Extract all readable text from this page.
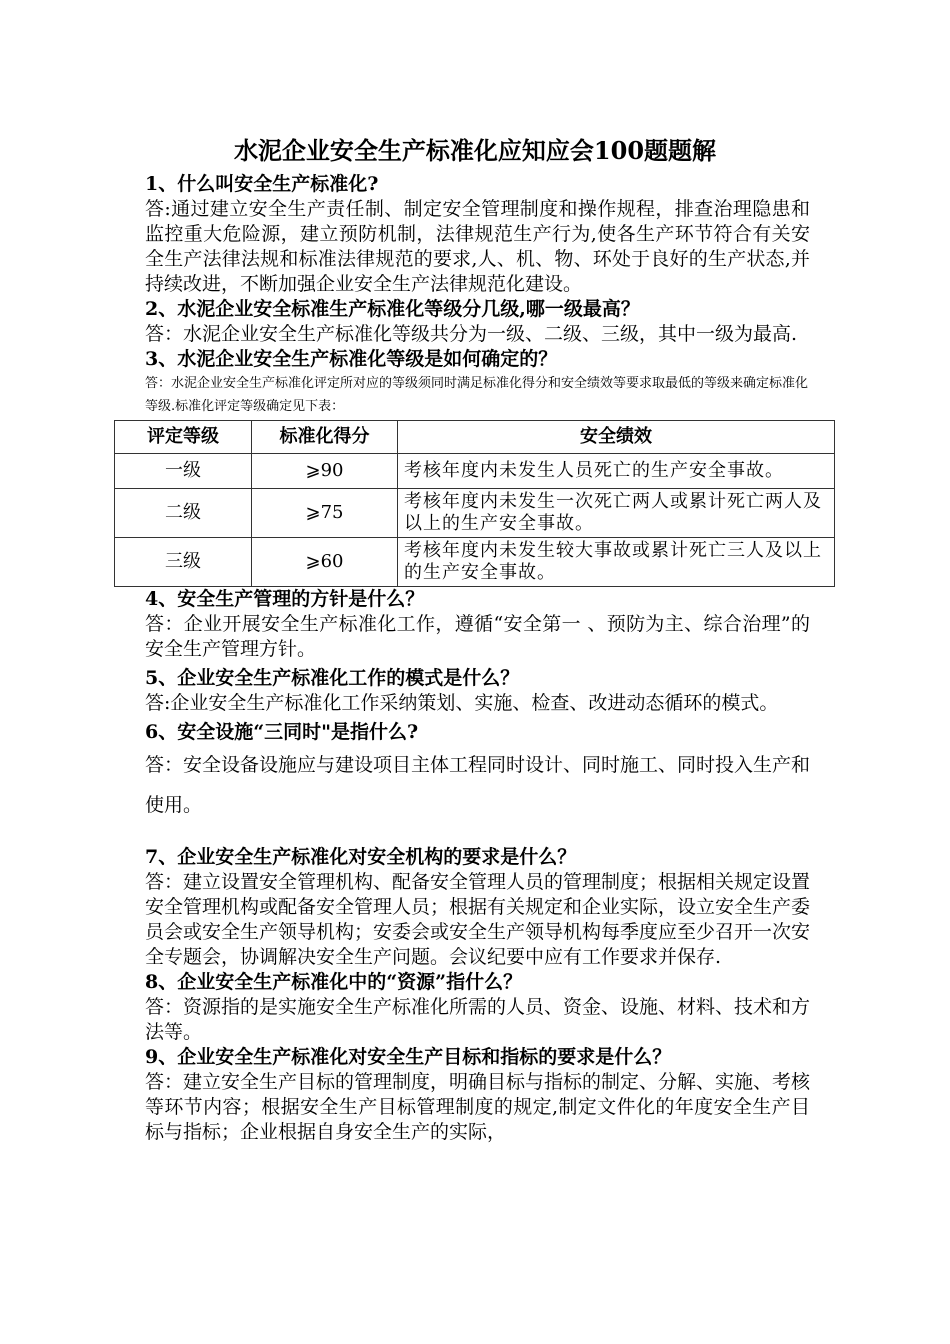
水泥企业安全生产标准化应知应会100题题解

1、什么叫安全生产标准化?

答:通过建立安全生产责任制、制定安全管理制度和操作规程，排查治理隐患和监控重大危险源，建立预防机制，法律规范生产行为,使各生产环节符合有关安全生产法律法规和标准法律规范的要求,人、机、物、环处于良好的生产状态,并持续改进，不断加强企业安全生产法律规范化建设。

2、水泥企业安全标准生产标准化等级分几级,哪一级最高？

答：水泥企业安全生产标准化等级共分为一级、二级、三级，其中一级为最高.

3、水泥企业安全生产标准化等级是如何确定的？

答：水泥企业安全生产标准化评定所对应的等级须同时满足标准化得分和安全绩效等要求取最低的等级来确定标准化等级.标准化评定等级确定见下表：

评定等级	标准化得分	安全绩效
一级	⩾90	考核年度内未发生人员死亡的生产安全事故。
二级	⩾75	考核年度内未发生一次死亡两人或累计死亡两人及以上的生产安全事故。
三级	⩾60	考核年度内未发生较大事故或累计死亡三人及以上的生产安全事故。

4、安全生产管理的方针是什么？

答：企业开展安全生产标准化工作，遵循“安全第一 、预防为主、综合治理”的安全生产管理方针。

5、企业安全生产标准化工作的模式是什么？

答:企业安全生产标准化工作采纳策划、实施、检查、改进动态循环的模式。

6、安全设施“三同时"是指什么?

答：安全设备设施应与建设项目主体工程同时设计、同时施工、同时投入生产和使用。

7、企业安全生产标准化对安全机构的要求是什么？

答：建立设置安全管理机构、配备安全管理人员的管理制度；根据相关规定设置安全管理机构或配备安全管理人员；根据有关规定和企业实际，设立安全生产委员会或安全生产领导机构；安委会或安全生产领导机构每季度应至少召开一次安全专题会，协调解决安全生产问题。会议纪要中应有工作要求并保存.

8、企业安全生产标准化中的“资源”指什么？

答：资源指的是实施安全生产标准化所需的人员、资金、设施、材料、技术和方法等。

9、企业安全生产标准化对安全生产目标和指标的要求是什么？

答：建立安全生产目标的管理制度，明确目标与指标的制定、分解、实施、考核等环节内容；根据安全生产目标管理制度的规定,制定文件化的年度安全生产目标与指标；企业根据自身安全生产的实际，
